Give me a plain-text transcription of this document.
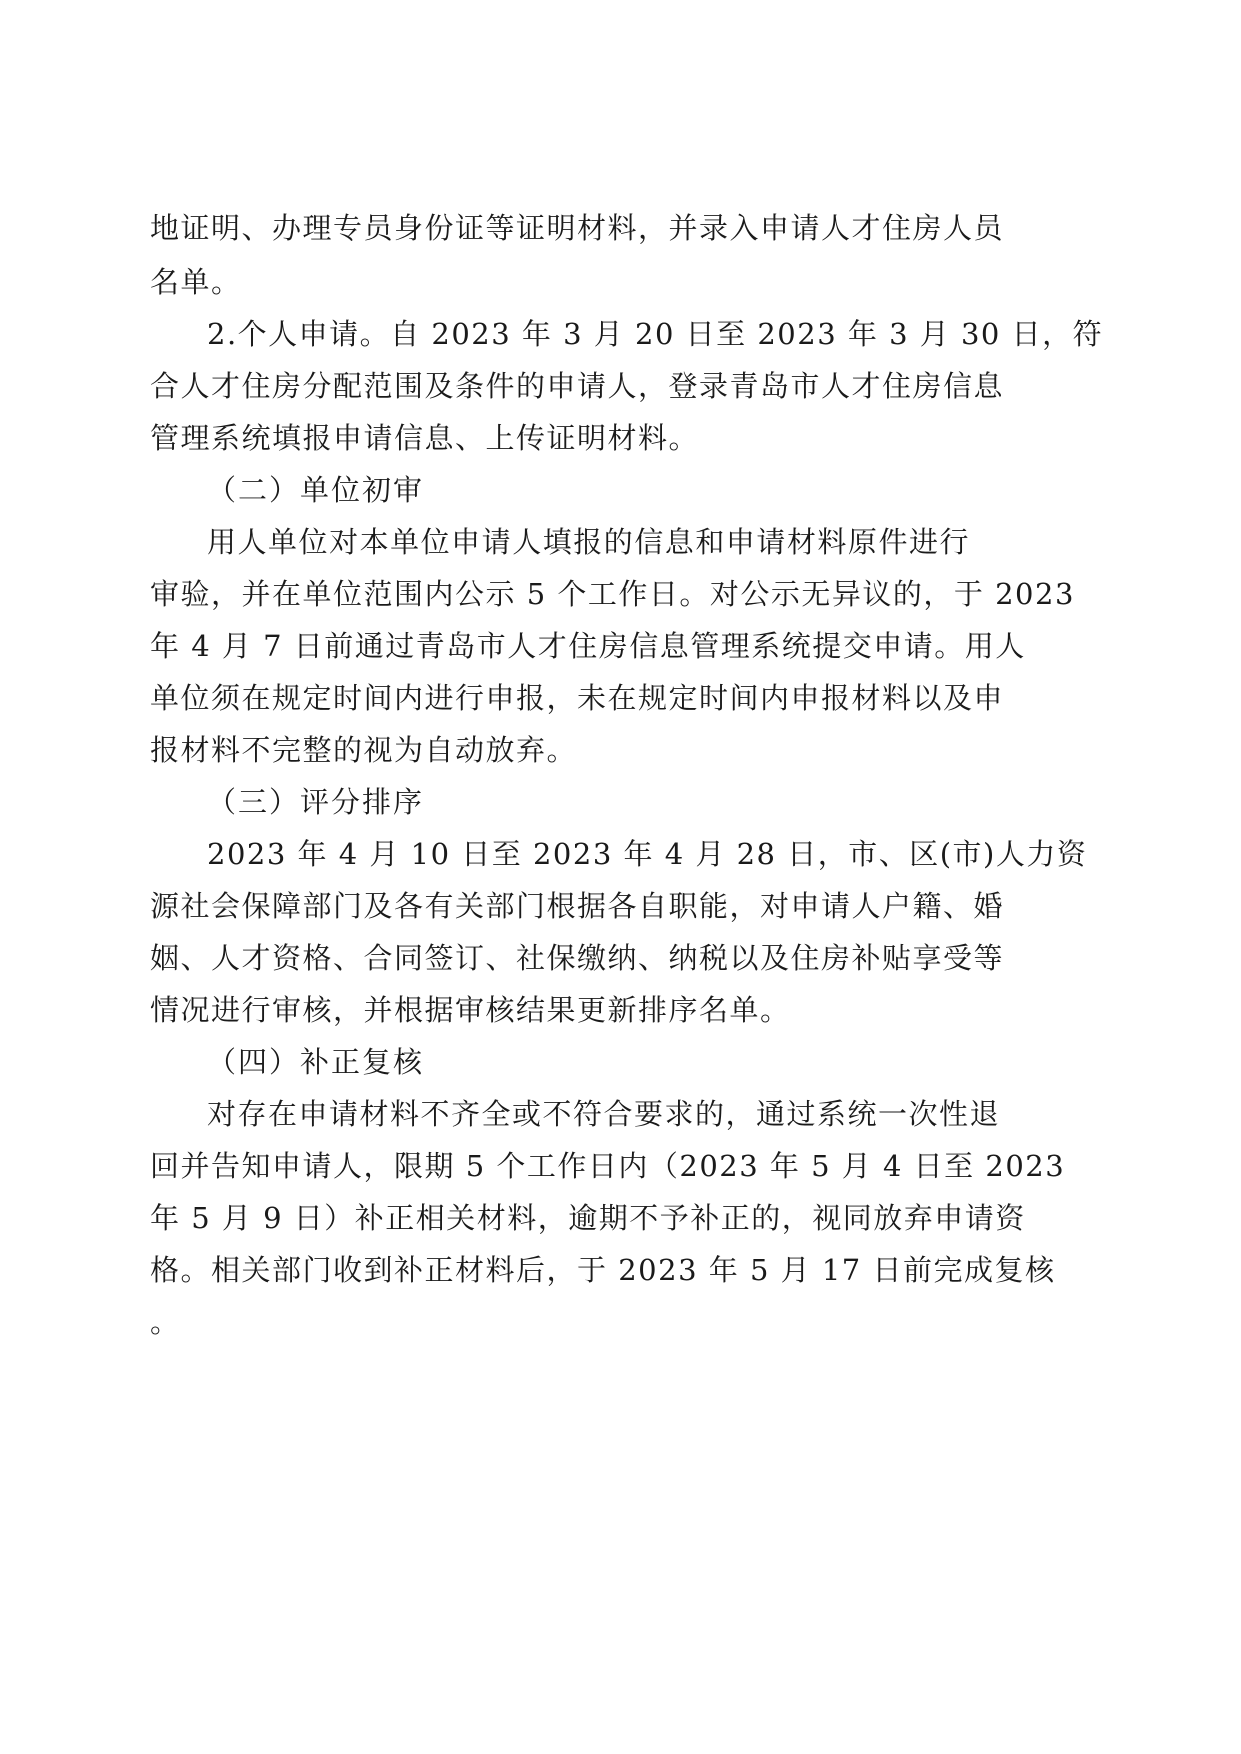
地证明、办理专员身份证等证明材料，并录入申请人才住房人员
名单。
2.个人申请。自 2023 年 3 月 20 日至 2023 年 3 月 30 日，符
合人才住房分配范围及条件的申请人，登录青岛市人才住房信息
管理系统填报申请信息、上传证明材料。
（二）单位初审
用人单位对本单位申请人填报的信息和申请材料原件进行
审验，并在单位范围内公示 5 个工作日。对公示无异议的，于 2023
年 4 月 7 日前通过青岛市人才住房信息管理系统提交申请。用人
单位须在规定时间内进行申报，未在规定时间内申报材料以及申
报材料不完整的视为自动放弃。
（三）评分排序
2023 年 4 月 10 日至 2023 年 4 月 28 日，市、区(市)人力资
源社会保障部门及各有关部门根据各自职能，对申请人户籍、婚
姻、人才资格、合同签订、社保缴纳、纳税以及住房补贴享受等
情况进行审核，并根据审核结果更新排序名单。
（四）补正复核
对存在申请材料不齐全或不符合要求的，通过系统一次性退
回并告知申请人，限期 5 个工作日内（2023 年 5 月 4 日至 2023
年 5 月 9 日）补正相关材料，逾期不予补正的，视同放弃申请资
格。相关部门收到补正材料后，于 2023 年 5 月 17 日前完成复核
。
